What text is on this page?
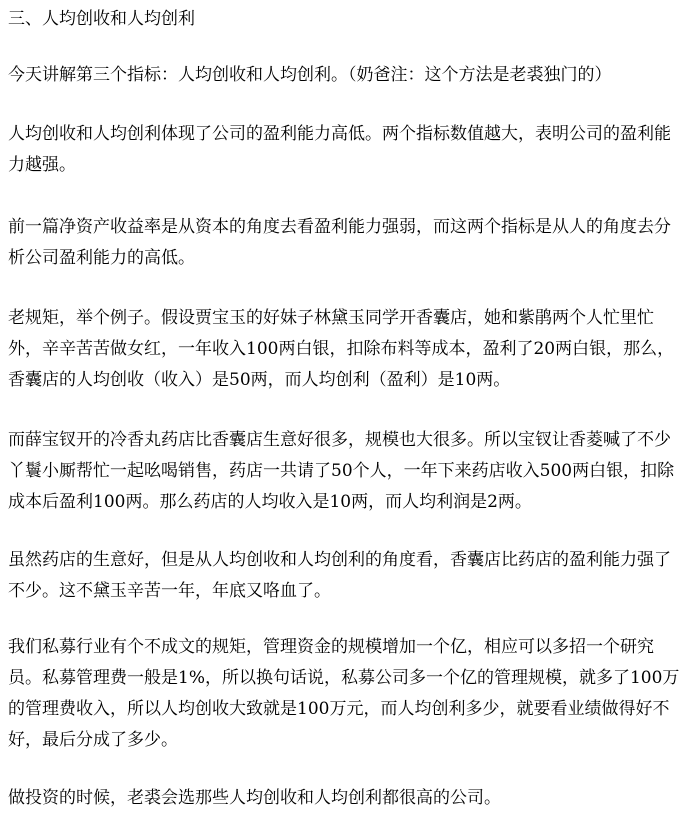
三、人均创收和人均创利

今天讲解第三个指标：人均创收和人均创利。（奶爸注：这个方法是老裘独门的）

人均创收和人均创利体现了公司的盈利能力高低。两个指标数值越大，表明公司的盈利能力越强。

前一篇净资产收益率是从资本的角度去看盈利能力强弱，而这两个指标是从人的角度去分析公司盈利能力的高低。

老规矩，举个例子。假设贾宝玉的好妹子林黛玉同学开香囊店，她和紫鹃两个人忙里忙外，辛辛苦苦做女红，一年收入100两白银，扣除布料等成本，盈利了20两白银，那么，香囊店的人均创收（收入）是50两，而人均创利（盈利）是10两。

而薛宝钗开的冷香丸药店比香囊店生意好很多，规模也大很多。所以宝钗让香菱喊了不少丫鬟小厮帮忙一起吆喝销售，药店一共请了50个人，一年下来药店收入500两白银，扣除成本后盈利100两。那么药店的人均收入是10两，而人均利润是2两。

虽然药店的生意好，但是从人均创收和人均创利的角度看，香囊店比药店的盈利能力强了不少。这不黛玉辛苦一年，年底又咯血了。

我们私募行业有个不成文的规矩，管理资金的规模增加一个亿，相应可以多招一个研究员。私募管理费一般是1%，所以换句话说，私募公司多一个亿的管理规模，就多了100万的管理费收入，所以人均创收大致就是100万元，而人均创利多少，就要看业绩做得好不好，最后分成了多少。

做投资的时候，老裘会选那些人均创收和人均创利都很高的公司。
